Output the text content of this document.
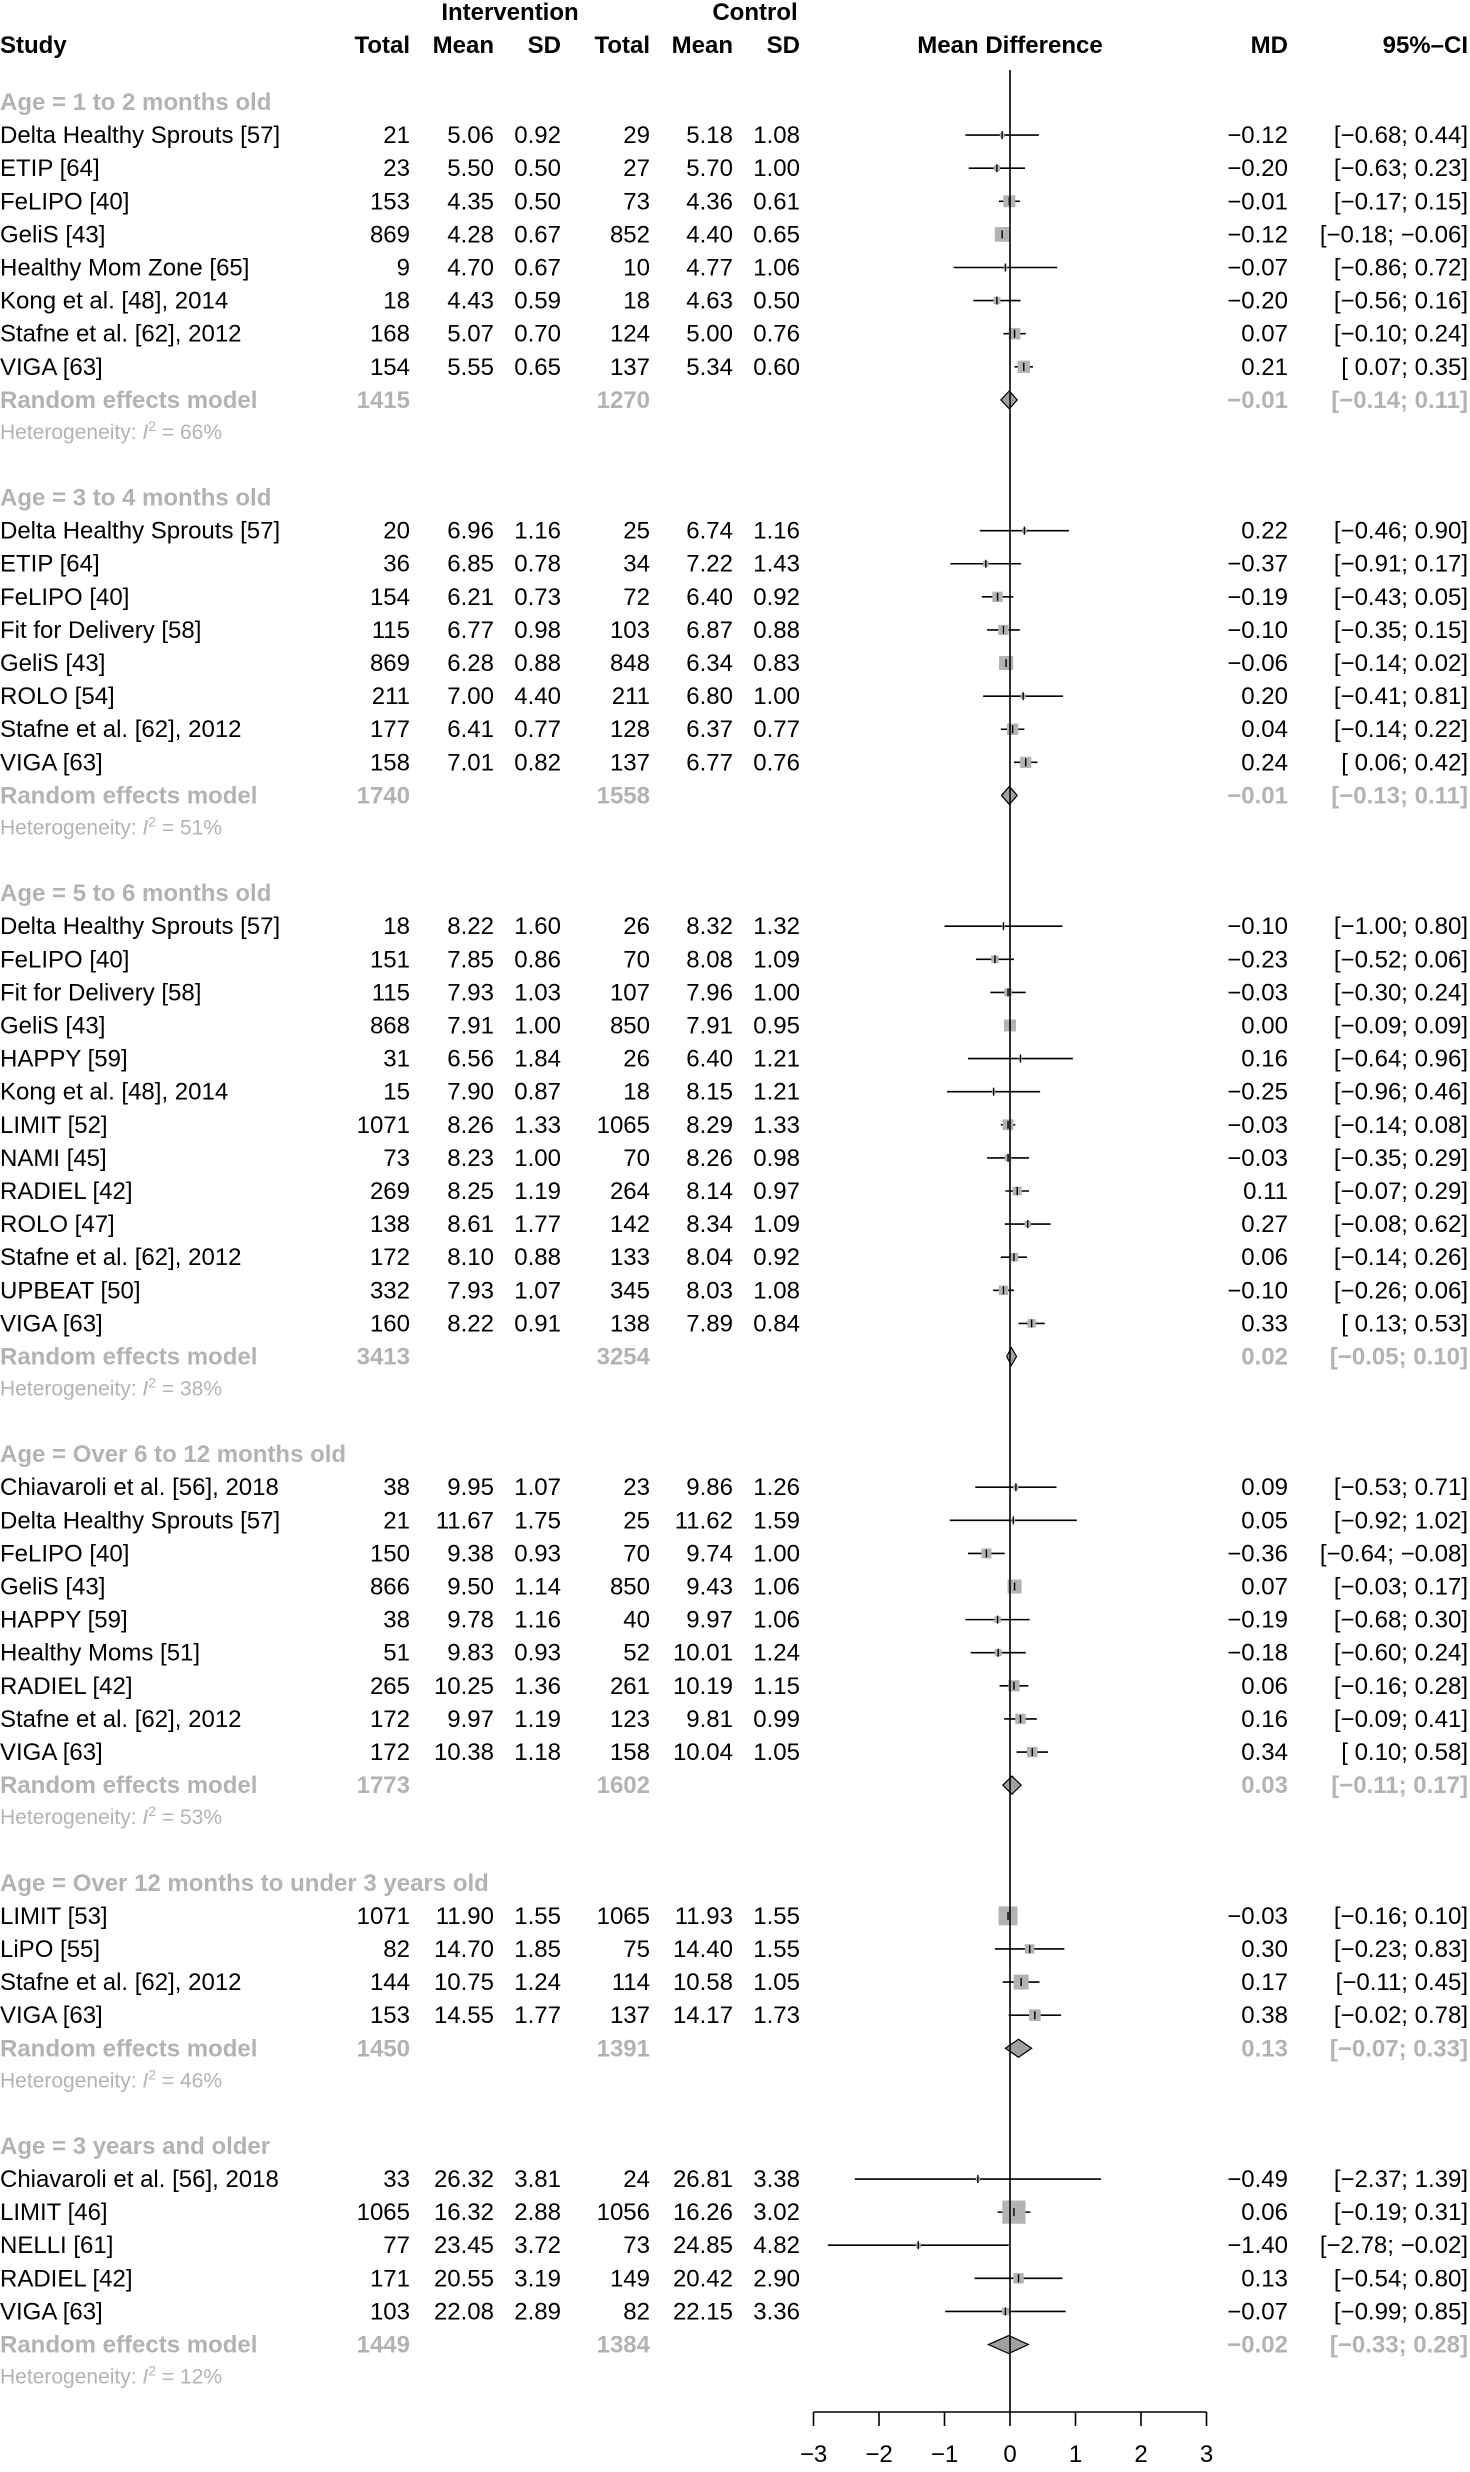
Intervention	Control
Study	Total Mean SD Total Mean SD	Mean Difference	MD	95%–CI
Age = 1 to 2 months old
Delta Healthy Sprouts [57]	21 5.06 0.92	29 5.18 1.08	−0.12 [−0.68; 0.44]
ETIP [64]	23 5.50 0.50	27 5.70 1.00	−0.20 [−0.63; 0.23]
FeLIPO [40]	153 4.35 0.50	73 4.36 0.61	−0.01 [−0.17; 0.15]
GeliS [43]	869 4.28 0.67 852 4.40 0.65	−0.12 [−0.18; −0.06]
Healthy Mom Zone [65]	9 4.70 0.67	10 4.77 1.06	−0.07 [−0.86; 0.72]
Kong et al. [48], 2014	18 4.43 0.59	18 4.63 0.50	−0.20 [−0.56; 0.16]
Stafne et al. [62], 2012	168 5.07 0.70 124 5.00 0.76	0.07 [−0.10; 0.24]
VIGA [63]	154 5.55 0.65 137 5.34 0.60	0.21 [ 0.07; 0.35]
Random effects model	1415	1270	−0.01 [−0.14; 0.11]
Heterogeneity: $I^2 = 66\%$
Age = 3 to 4 months old
Delta Healthy Sprouts [57]	20 6.96 1.16	25 6.74 1.16	0.22 [−0.46; 0.90]
ETIP [64]	36 6.85 0.78	34 7.22 1.43	−0.37 [−0.91; 0.17]
FeLIPO [40]	154 6.21 0.73	72 6.40 0.92	−0.19 [−0.43; 0.05]
Fit for Delivery [58]	115 6.77 0.98 103 6.87 0.88	−0.10 [−0.35; 0.15]
GeliS [43]	869 6.28 0.88 848 6.34 0.83	−0.06 [−0.14; 0.02]
ROLO [54]	211 7.00 4.40 211 6.80 1.00	0.20 [−0.41; 0.81]
Stafne et al. [62], 2012	177 6.41 0.77 128 6.37 0.77	0.04 [−0.14; 0.22]
VIGA [63]	158 7.01 0.82 137 6.77 0.76	0.24 [ 0.06; 0.42]
Random effects model	1740	1558	−0.01 [−0.13; 0.11]
Heterogeneity: $I^2 = 51\%$
Age = 5 to 6 months old
Delta Healthy Sprouts [57]	18 8.22 1.60	26 8.32 1.32	−0.10 [−1.00; 0.80]
FeLIPO [40]	151 7.85 0.86	70 8.08 1.09	−0.23 [−0.52; 0.06]
Fit for Delivery [58]	115 7.93 1.03 107 7.96 1.00	−0.03 [−0.30; 0.24]
GeliS [43]	868 7.91 1.00 850 7.91 0.95	0.00 [−0.09; 0.09]
HAPPY [59]	31 6.56 1.84	26 6.40 1.21	0.16 [−0.64; 0.96]
Kong et al. [48], 2014	15 7.90 0.87	18 8.15 1.21	−0.25 [−0.96; 0.46]
LIMIT [52]	1071 8.26 1.33 1065 8.29 1.33	−0.03 [−0.14; 0.08]
NAMI [45]	73 8.23 1.00	70 8.26 0.98	−0.03 [−0.35; 0.29]
RADIEL [42]	269 8.25 1.19 264 8.14 0.97	0.11 [−0.07; 0.29]
ROLO [47]	138 8.61 1.77 142 8.34 1.09	0.27 [−0.08; 0.62]
Stafne et al. [62], 2012	172 8.10 0.88 133 8.04 0.92	0.06 [−0.14; 0.26]
UPBEAT [50]	332 7.93 1.07 345 8.03 1.08	−0.10 [−0.26; 0.06]
VIGA [63]	160 8.22 0.91 138 7.89 0.84	0.33 [ 0.13; 0.53]
Random effects model	3413	3254	0.02 [−0.05; 0.10]
Heterogeneity: $I^2 = 38\%$
Age = Over 6 to 12 months old
Chiavaroli et al. [56], 2018	38 9.95 1.07	23 9.86 1.26	0.09 [−0.53; 0.71]
Delta Healthy Sprouts [57]	21 11.67 1.75	25 11.62 1.59	0.05 [−0.92; 1.02]
FeLIPO [40]	150 9.38 0.93	70 9.74 1.00	−0.36 [−0.64; −0.08]
GeliS [43]	866 9.50 1.14 850 9.43 1.06	0.07 [−0.03; 0.17]
HAPPY [59]	38 9.78 1.16	40 9.97 1.06	−0.19 [−0.68; 0.30]
Healthy Moms [51]	51 9.83 0.93	52 10.01 1.24	−0.18 [−0.60; 0.24]
RADIEL [42]	265 10.25 1.36 261 10.19 1.15	0.06 [−0.16; 0.28]
Stafne et al. [62], 2012	172 9.97 1.19 123 9.81 0.99	0.16 [−0.09; 0.41]
VIGA [63]	172 10.38 1.18 158 10.04 1.05	0.34 [ 0.10; 0.58]
Random effects model	1773	1602	0.03 [−0.11; 0.17]
Heterogeneity: $I^2 = 53\%$
Age = Over 12 months to under 3 years old
LIMIT [53]	1071 11.90 1.55 1065 11.93 1.55	−0.03 [−0.16; 0.10]
LiPO [55]	82 14.70 1.85	75 14.40 1.55	0.30 [−0.23; 0.83]
Stafne et al. [62], 2012	144 10.75 1.24 114 10.58 1.05	0.17 [−0.11; 0.45]
VIGA [63]	153 14.55 1.77 137 14.17 1.73	0.38 [−0.02; 0.78]
Random effects model	1450	1391	0.13 [−0.07; 0.33]
Heterogeneity: $I^2 = 46\%$
Age = 3 years and older
Chiavaroli et al. [56], 2018	33 26.32 3.81	24 26.81 3.38	−0.49 [−2.37; 1.39]
LIMIT [46]	1065 16.32 2.88 1056 16.26 3.02	0.06 [−0.19; 0.31]
NELLI [61]	77 23.45 3.72	73 24.85 4.82	−1.40 [−2.78; −0.02]
RADIEL [42]	171 20.55 3.19 149 20.42 2.90	0.13 [−0.54; 0.80]
VIGA [63]	103 22.08 2.89	82 22.15 3.36	−0.07 [−0.99; 0.85]
Random effects model	1449	1384	−0.02 [−0.33; 0.28]
Heterogeneity: $I^2 = 12\%$
−3 −2 −1 0 1 2 3
